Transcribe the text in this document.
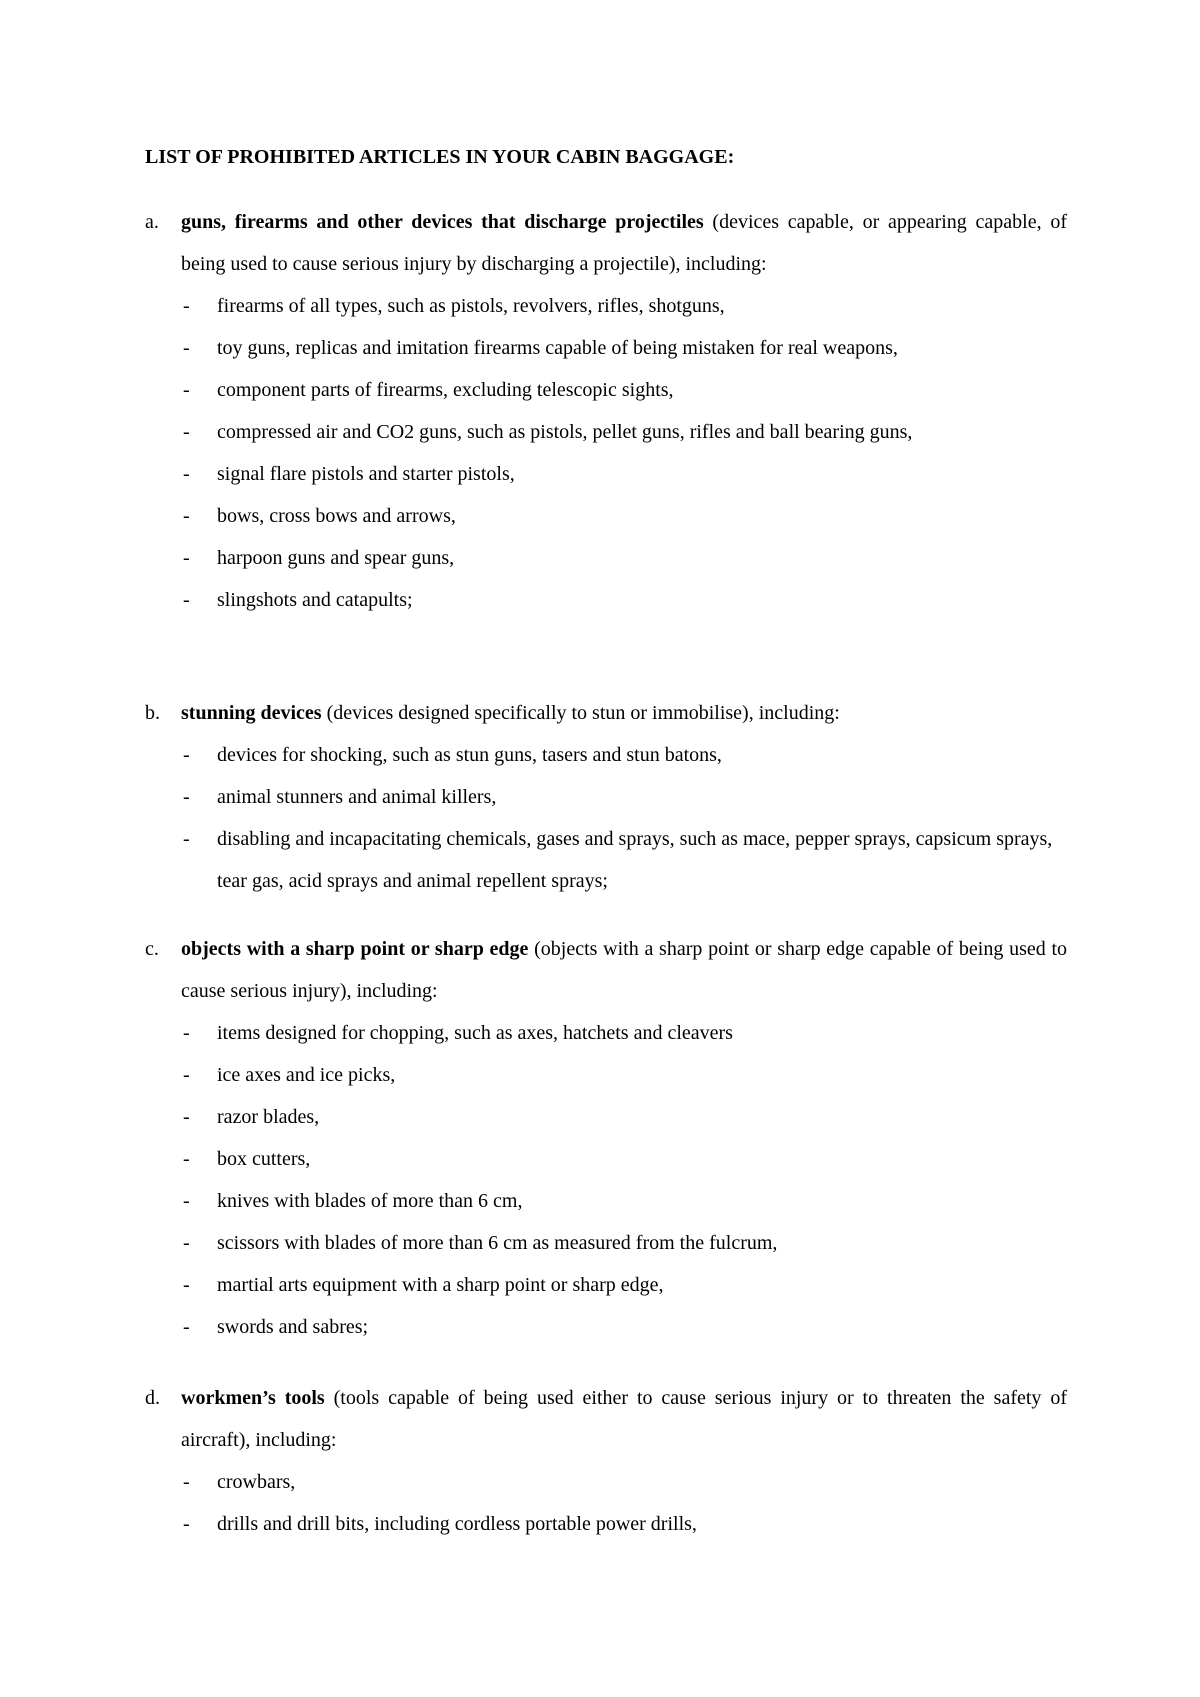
LIST OF PROHIBITED ARTICLES IN YOUR CABIN BAGGAGE:
a. guns, firearms and other devices that discharge projectiles (devices capable, or appearing capable, of being used to cause serious injury by discharging a projectile), including:
- firearms of all types, such as pistols, revolvers, rifles, shotguns,
- toy guns, replicas and imitation firearms capable of being mistaken for real weapons,
- component parts of firearms, excluding telescopic sights,
- compressed air and CO2 guns, such as pistols, pellet guns, rifles and ball bearing guns,
- signal flare pistols and starter pistols,
- bows, cross bows and arrows,
- harpoon guns and spear guns,
- slingshots and catapults;
b. stunning devices (devices designed specifically to stun or immobilise), including:
- devices for shocking, such as stun guns, tasers and stun batons,
- animal stunners and animal killers,
- disabling and incapacitating chemicals, gases and sprays, such as mace, pepper sprays, capsicum sprays, tear gas, acid sprays and animal repellent sprays;
c. objects with a sharp point or sharp edge (objects with a sharp point or sharp edge capable of being used to cause serious injury), including:
- items designed for chopping, such as axes, hatchets and cleavers
- ice axes and ice picks,
- razor blades,
- box cutters,
- knives with blades of more than 6 cm,
- scissors with blades of more than 6 cm as measured from the fulcrum,
- martial arts equipment with a sharp point or sharp edge,
- swords and sabres;
d. workmen’s tools (tools capable of being used either to cause serious injury or to threaten the safety of aircraft), including:
- crowbars,
- drills and drill bits, including cordless portable power drills,
